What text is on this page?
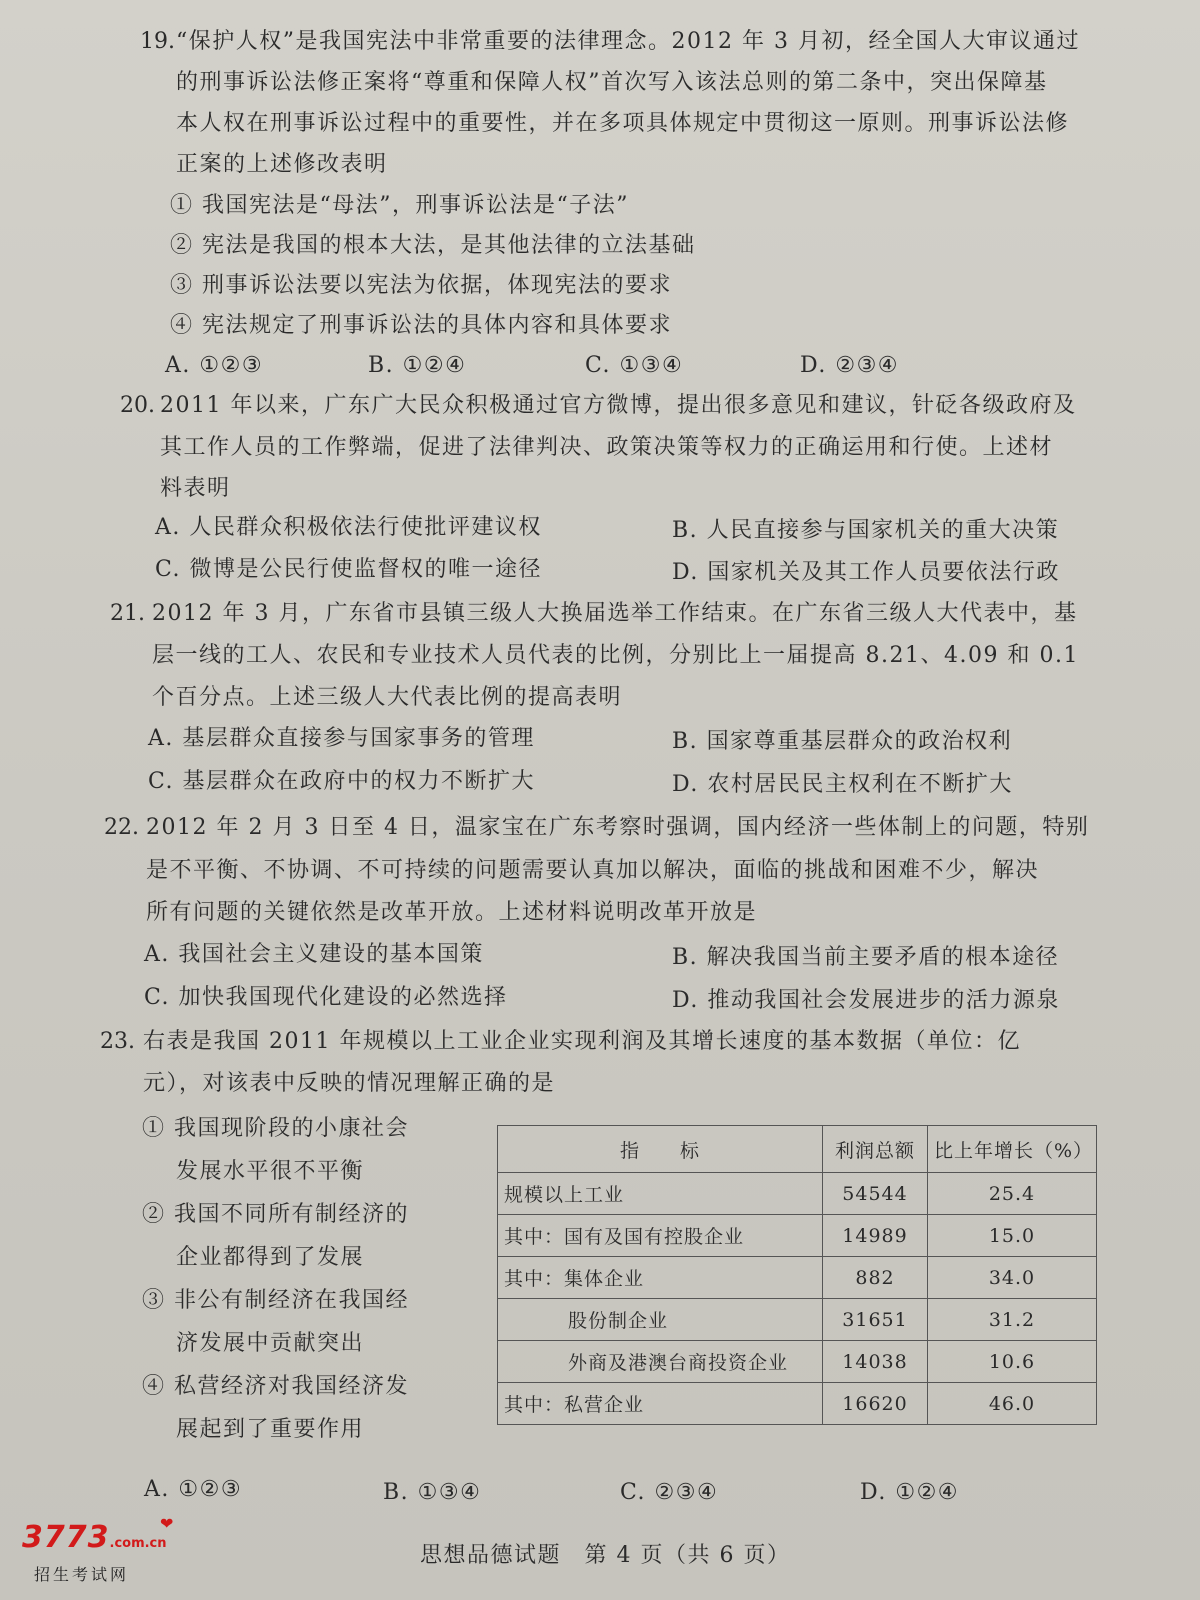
19. “保护人权”是我国宪法中非常重要的法律理念。2012 年 3 月初，经全国人大审议通过
的刑事诉讼法修正案将“尊重和保障人权”首次写入该法总则的第二条中，突出保障基
本人权在刑事诉讼过程中的重要性，并在多项具体规定中贯彻这一原则。刑事诉讼法修
正案的上述修改表明
① 我国宪法是“母法”，刑事诉讼法是“子法”
② 宪法是我国的根本大法，是其他法律的立法基础
③ 刑事诉讼法要以宪法为依据，体现宪法的要求
④ 宪法规定了刑事诉讼法的具体内容和具体要求
A. ①②③	B. ①②④	C. ①③④	D. ②③④
20. 2011 年以来，广东广大民众积极通过官方微博，提出很多意见和建议，针砭各级政府及
其工作人员的工作弊端，促进了法律判决、政策决策等权力的正确运用和行使。上述材
料表明
A. 人民群众积极依法行使批评建议权	B. 人民直接参与国家机关的重大决策
C. 微博是公民行使监督权的唯一途径	D. 国家机关及其工作人员要依法行政
21. 2012 年 3 月，广东省市县镇三级人大换届选举工作结束。在广东省三级人大代表中，基
层一线的工人、农民和专业技术人员代表的比例，分别比上一届提高 8.21、4.09 和 0.1
个百分点。上述三级人大代表比例的提高表明
A. 基层群众直接参与国家事务的管理	B. 国家尊重基层群众的政治权利
C. 基层群众在政府中的权力不断扩大	D. 农村居民民主权利在不断扩大
22. 2012 年 2 月 3 日至 4 日，温家宝在广东考察时强调，国内经济一些体制上的问题，特别
是不平衡、不协调、不可持续的问题需要认真加以解决，面临的挑战和困难不少，解决
所有问题的关键依然是改革开放。上述材料说明改革开放是
A. 我国社会主义建设的基本国策	B. 解决我国当前主要矛盾的根本途径
C. 加快我国现代化建设的必然选择	D. 推动我国社会发展进步的活力源泉
23. 右表是我国 2011 年规模以上工业企业实现利润及其增长速度的基本数据（单位：亿
元），对该表中反映的情况理解正确的是
① 我国现阶段的小康社会
发展水平很不平衡
② 我国不同所有制经济的
企业都得到了发展
③ 非公有制经济在我国经
济发展中贡献突出
④ 私营经济对我国经济发
展起到了重要作用
指　　标	利润总额	比上年增长（%）
规模以上工业	54544	25.4
其中：国有及国有控股企业	14989	15.0
其中：集体企业	882	34.0
股份制企业	31651	31.2
外商及港澳台商投资企业	14038	10.6
其中：私营企业	16620	46.0
A. ①②③	B. ①③④	C. ②③④	D. ①②④
思想品德试题　第 4 页（共 6 页）
3773.com.cn
❤
招生考试网
